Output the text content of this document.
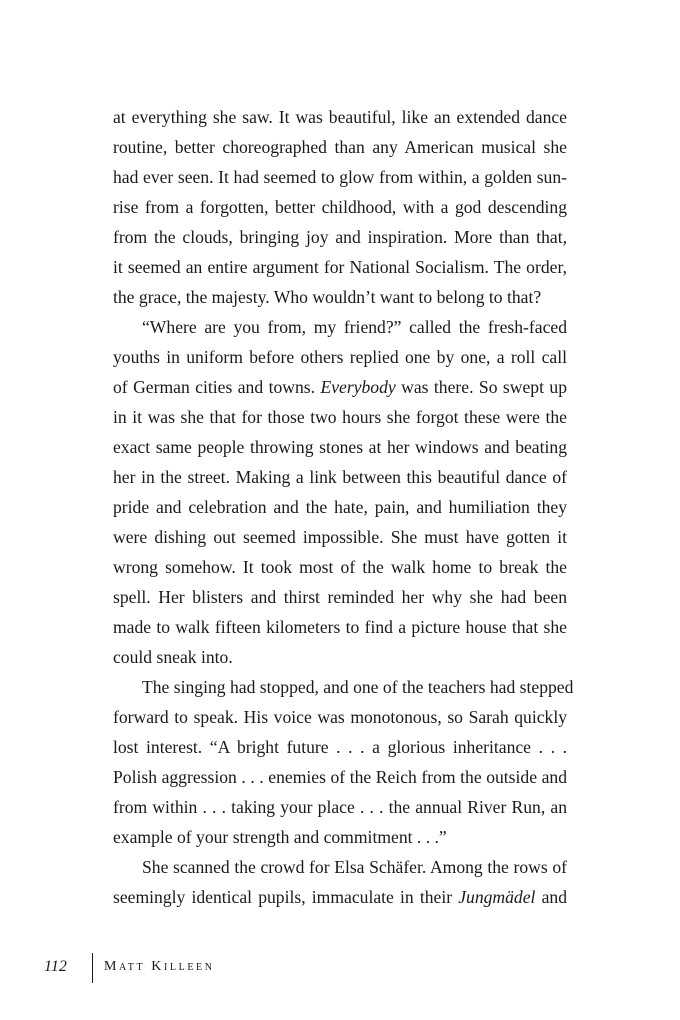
at everything she saw. It was beautiful, like an extended dance
routine, better choreographed than any American musical she
had ever seen. It had seemed to glow from within, a golden sun-
rise from a forgotten, better childhood, with a god descending
from the clouds, bringing joy and inspiration. More than that,
it seemed an entire argument for National Socialism. The order,
the grace, the majesty. Who wouldn’t want to belong to that?
“Where are you from, my friend?” called the fresh-faced
youths in uniform before others replied one by one, a roll call
of German cities and towns. Everybody was there. So swept up
in it was she that for those two hours she forgot these were the
exact same people throwing stones at her windows and beating
her in the street. Making a link between this beautiful dance of
pride and celebration and the hate, pain, and humiliation they
were dishing out seemed impossible. She must have gotten it
wrong somehow. It took most of the walk home to break the
spell. Her blisters and thirst reminded her why she had been
made to walk fifteen kilometers to find a picture house that she
could sneak into.
The singing had stopped, and one of the teachers had stepped
forward to speak. His voice was monotonous, so Sarah quickly
lost interest. “A bright future . . . a glorious inheritance . . .
Polish aggression . . . enemies of the Reich from the outside and
from within . . . taking your place . . . the annual River Run, an
example of your strength and commitment . . .”
She scanned the crowd for Elsa Schäfer. Among the rows of
seemingly identical pupils, immaculate in their Jungmädel and
112	Matt Killeen
